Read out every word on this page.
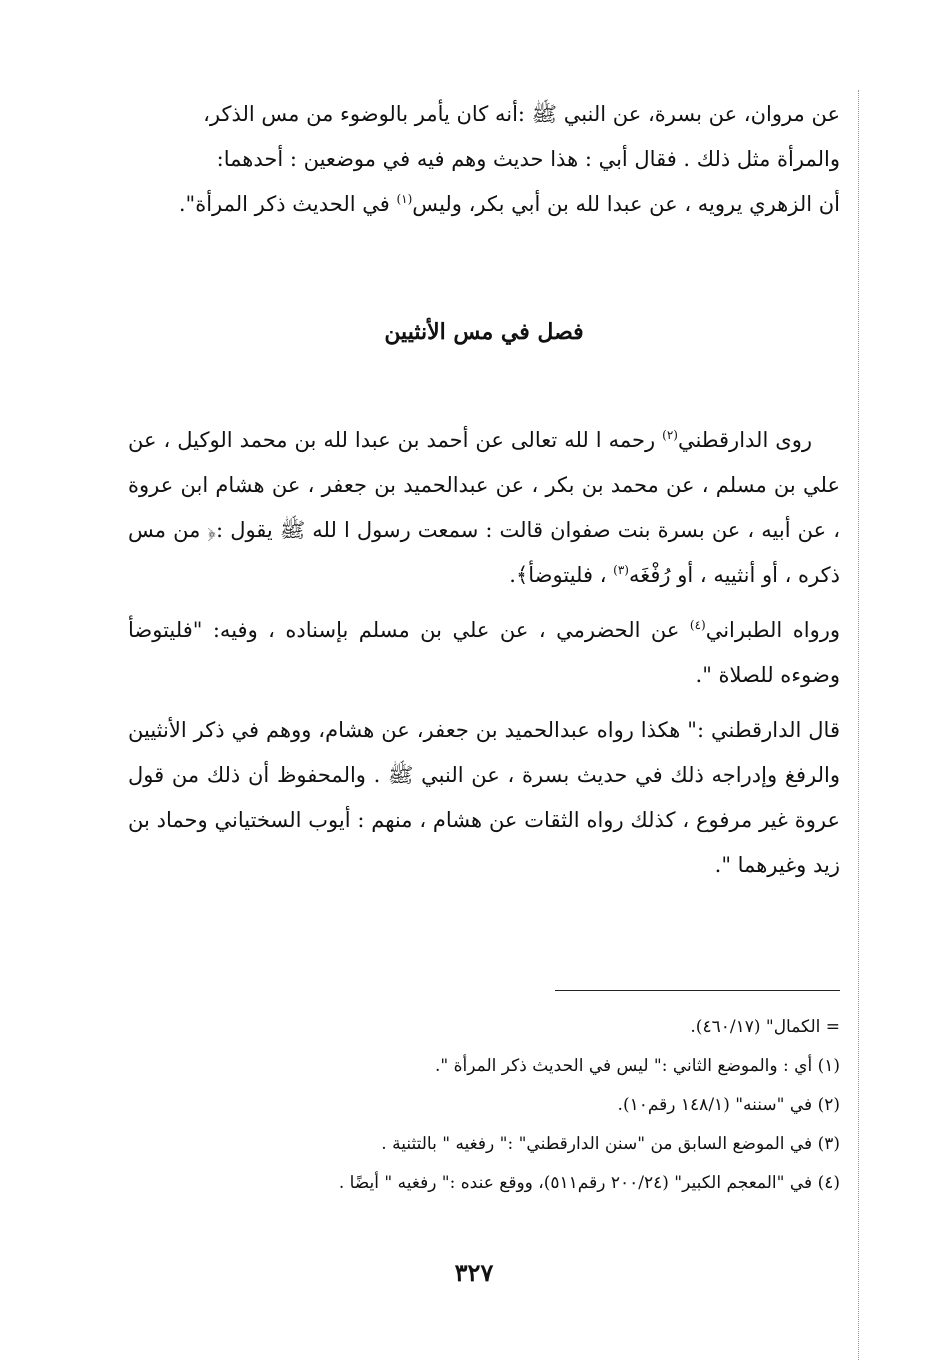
عن مروان، عن بسرة، عن النبي ﷺ :أنه كان يأمر بالوضوء من مس الذكر،

والمرأة مثل ذلك . فقال أبي : هذا حديث وهم فيه في موضعين : أحدهما:

أن الزهري يرويه ، عن عبدا لله بن أبي بكر، وليس$^{(١)}$ في الحديث ذكر المرأة".

فصل في مس الأنثيين

روى الدارقطني$^{(٢)}$ رحمه ا لله تعالى عن أحمد بن عبدا لله بن محمد الوكيل ، عن علي بن مسلم ، عن محمد بن بكر ، عن عبدالحميد بن جعفر ، عن هشام ابن عروة ، عن أبيه ، عن بسرة بنت صفوان قالت : سمعت رسول ا لله ﷺ يقول :﴿ من مس ذكره ، أو أنثييه ، أو رُفْغَه$^{(٣)}$ ، فليتوضأ﴾.

ورواه الطبراني$^{(٤)}$ عن الحضرمي ، عن علي بن مسلم بإسناده ، وفيه: "فليتوضأ وضوءه للصلاة ".

قال الدارقطني :" هكذا رواه عبدالحميد بن جعفر، عن هشام، ووهم في ذكر الأنثيين والرفغ وإدراجه ذلك في حديث بسرة ، عن النبي ﷺ . والمحفوظ أن ذلك من قول عروة غير مرفوع ، كذلك رواه الثقات عن هشام ، منهم : أيوب السختياني وحماد بن زيد وغيرهما ".

= الكمال" (٤٦٠/١٧).

(١) أي : والموضع الثاني :" ليس في الحديث ذكر المرأة ".

(٢) في "سننه" (١٤٨/١ رقم١٠).

(٣) في الموضع السابق من "سنن الدارقطني" :" رفغيه " بالتثنية .

(٤) في "المعجم الكبير" (٢٠٠/٢٤ رقم٥١١)، ووقع عنده :" رفغيه " أيضًا .

٣٢٧
